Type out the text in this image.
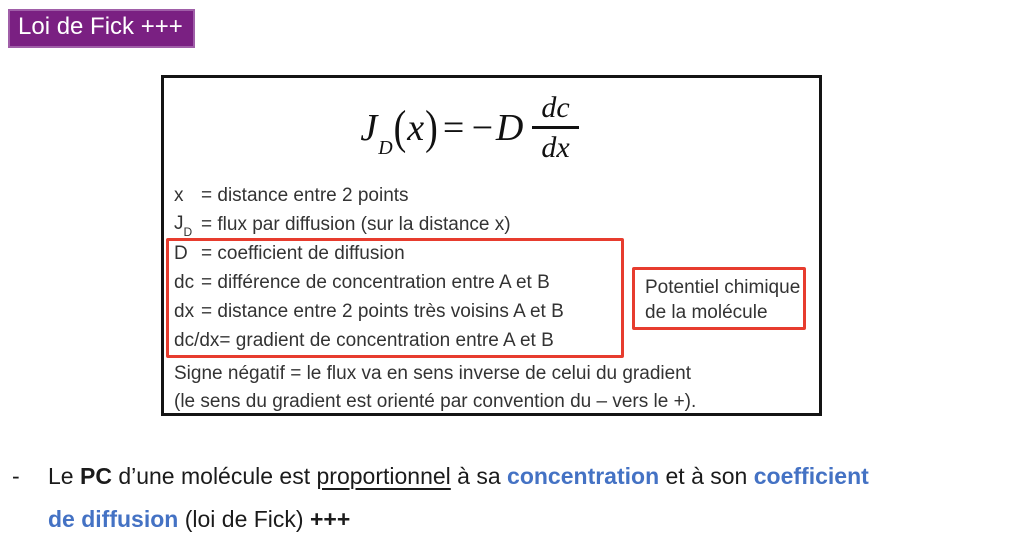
Loi de Fick +++
$J_D(x) = -D \frac{dc}{dx}$
x = distance entre 2 points
$J_D$ = flux par diffusion (sur la distance x)
D = coefficient de diffusion
dc = différence de concentration entre A et B
dx = distance entre 2 points très voisins A et B
dc/dx = gradient de concentration entre A et B
Potentiel chimique
de la molécule
Signe négatif = le flux va en sens inverse de celui du gradient
(le sens du gradient est orienté par convention du – vers le +).
- Le PC d’une molécule est proportionnel à sa concentration et à son coefficient
de diffusion (loi de Fick) +++
